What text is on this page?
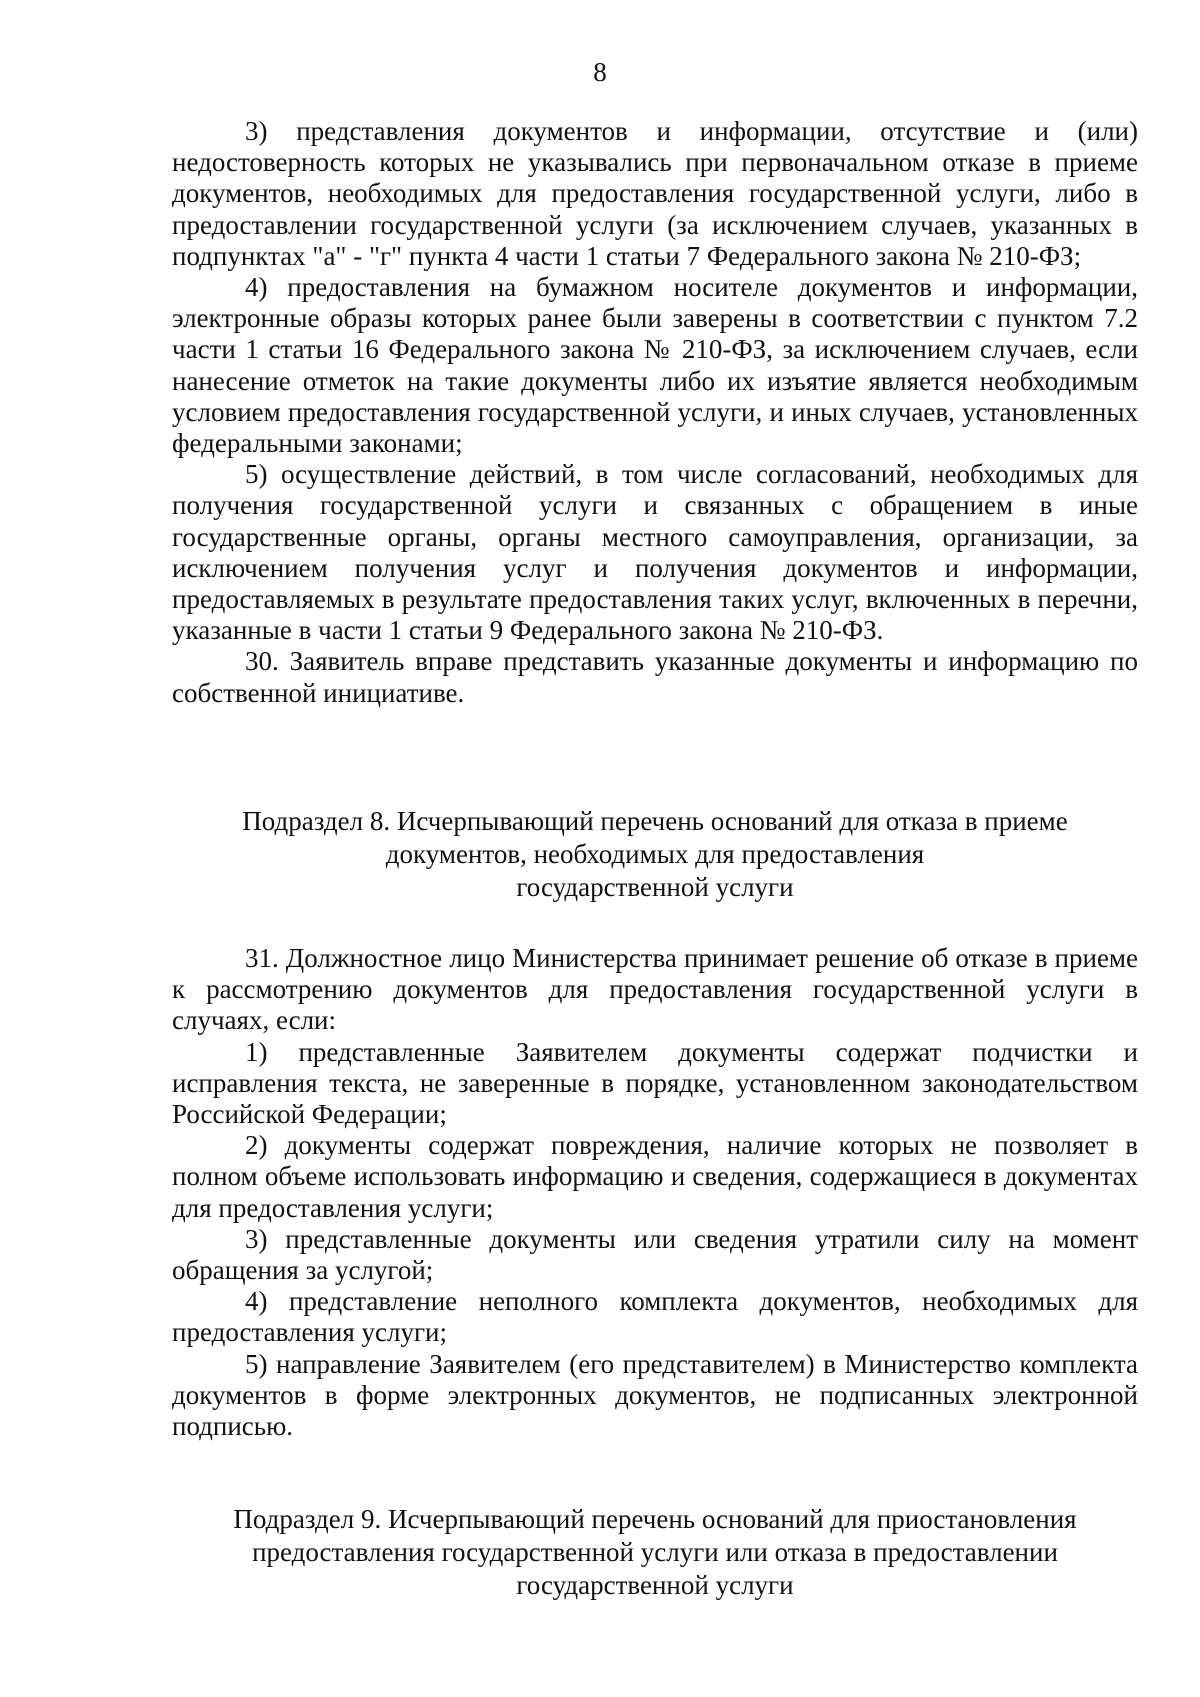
8

3) представления документов и информации, отсутствие и (или) недостоверность которых не указывались при первоначальном отказе в приеме документов, необходимых для предоставления государственной услуги, либо в предоставлении государственной услуги (за исключением случаев, указанных в подпунктах "а" - "г" пункта 4 части 1 статьи 7 Федерального закона № 210-ФЗ;

4) предоставления на бумажном носителе документов и информации, электронные образы которых ранее были заверены в соответствии с пунктом 7.2 части 1 статьи 16 Федерального закона № 210-ФЗ, за исключением случаев, если нанесение отметок на такие документы либо их изъятие является необходимым условием предоставления государственной услуги, и иных случаев, установленных федеральными законами;

5) осуществление действий, в том числе согласований, необходимых для получения государственной услуги и связанных с обращением в иные государственные органы, органы местного самоуправления, организации, за исключением получения услуг и получения документов и информации, предоставляемых в результате предоставления таких услуг, включенных в перечни, указанные в части 1 статьи 9 Федерального закона № 210-ФЗ.

30. Заявитель вправе представить указанные документы и информацию по собственной инициативе.

Подраздел 8. Исчерпывающий перечень оснований для отказа в приеме
документов, необходимых для предоставления
государственной услуги

31. Должностное лицо Министерства принимает решение об отказе в приеме к рассмотрению документов для предоставления государственной услуги в случаях, если:

1) представленные Заявителем документы содержат подчистки и исправления текста, не заверенные в порядке, установленном законодательством Российской Федерации;

2) документы содержат повреждения, наличие которых не позволяет в полном объеме использовать информацию и сведения, содержащиеся в документах для предоставления услуги;

3) представленные документы или сведения утратили силу на момент обращения за услугой;

4) представление неполного комплекта документов, необходимых для предоставления услуги;

5) направление Заявителем (его представителем) в Министерство комплекта документов в форме электронных документов, не подписанных электронной подписью.

Подраздел 9. Исчерпывающий перечень оснований для приостановления
предоставления государственной услуги или отказа в предоставлении
государственной услуги
